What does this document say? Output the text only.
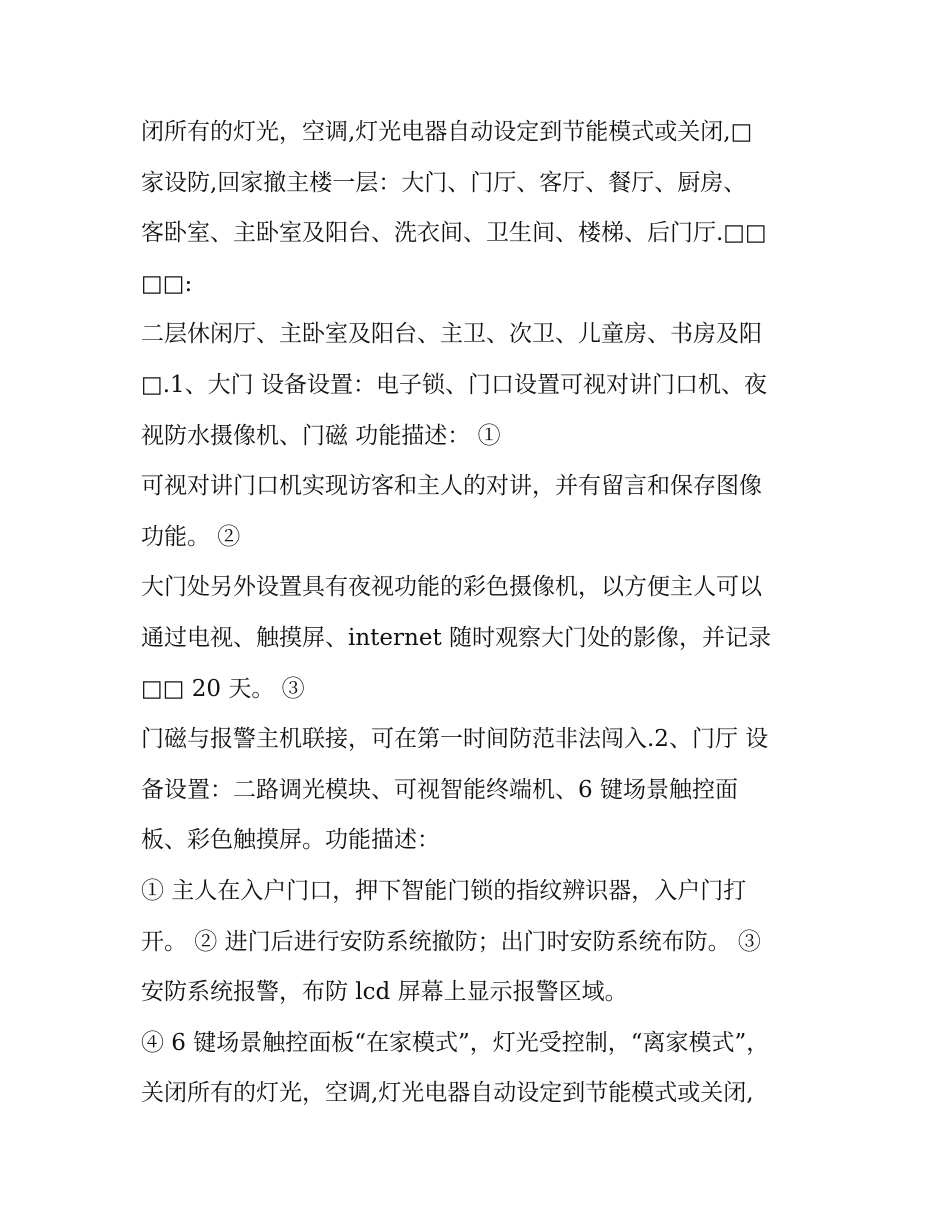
闭所有的灯光，空调,灯光电器自动设定到节能模式或关闭,□
家设防,回家撤主楼一层：大门、门厅、客厅、餐厅、厨房、
客卧室、主卧室及阳台、洗衣间、卫生间、楼梯、后门厅.□□
□□:
二层休闲厅、主卧室及阳台、主卫、次卫、儿童房、书房及阳
□.1、大门 设备设置：电子锁、门口设置可视对讲门口机、夜
视防水摄像机、门磁 功能描述： ①
可视对讲门口机实现访客和主人的对讲，并有留言和保存图像
功能。 ②
大门处另外设置具有夜视功能的彩色摄像机，以方便主人可以
通过电视、触摸屏、internet 随时观察大门处的影像，并记录
□□ 20 天。 ③
门磁与报警主机联接，可在第一时间防范非法闯入.2、门厅 设
备设置：二路调光模块、可视智能终端机、6 键场景触控面
板、彩色触摸屏。功能描述：
① 主人在入户门口，押下智能门锁的指纹辨识器，入户门打
开。 ② 进门后进行安防系统撤防；出门时安防系统布防。 ③
安防系统报警，布防 lcd 屏幕上显示报警区域。
④ 6 键场景触控面板“在家模式”，灯光受控制，“离家模式”，
关闭所有的灯光，空调,灯光电器自动设定到节能模式或关闭,
